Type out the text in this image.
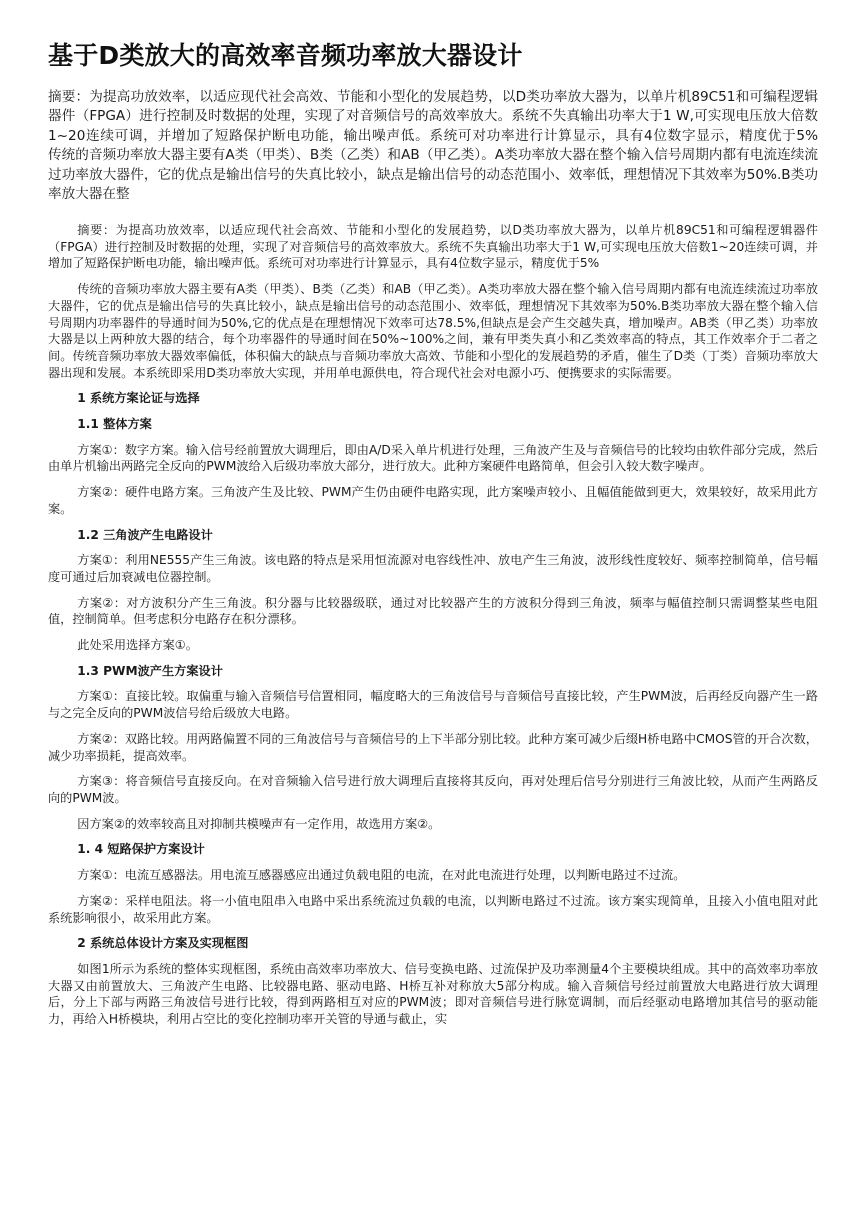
基于D类放大的高效率音频功率放大器设计
摘要：为提高功放效率，以适应现代社会高效、节能和小型化的发展趋势，以D类功率放大器为，以单片机89C51和可编程逻辑器件（FPGA）进行控制及时数据的处理，实现了对音频信号的高效率放大。系统不失真输出功率大于1 W,可实现电压放大倍数1~20连续可调，并增加了短路保护断电功能，输出噪声低。系统可对功率进行计算显示，具有4位数字显示，精度优于5%　　传统的音频功率放大器主要有A类（甲类）、B类（乙类）和AB（甲乙类）。A类功率放大器在整个输入信号周期内都有电流连续流过功率放大器件，它的优点是输出信号的失真比较小，缺点是输出信号的动态范围小、效率低，理想情况下其效率为50%.B类功率放大器在整

摘要：为提高功放效率，以适应现代社会高效、节能和小型化的发展趋势，以D类功率放大器为，以单片机89C51和可编程逻辑器件（FPGA）进行控制及时数据的处理，实现了对音频信号的高效率放大。系统不失真输出功率大于1 W,可实现电压放大倍数1~20连续可调，并增加了短路保护断电功能，输出噪声低。系统可对功率进行计算显示，具有4位数字显示，精度优于5%

传统的音频功率放大器主要有A类（甲类）、B类（乙类）和AB（甲乙类）。A类功率放大器在整个输入信号周期内都有电流连续流过功率放大器件，它的优点是输出信号的失真比较小，缺点是输出信号的动态范围小、效率低，理想情况下其效率为50%.B类功率放大器在整个输入信号周期内功率器件的导通时间为50%,它的优点是在理想情况下效率可达78.5%,但缺点是会产生交越失真，增加噪声。AB类（甲乙类）功率放大器是以上两种放大器的结合，每个功率器件的导通时间在50%~100%之间，兼有甲类失真小和乙类效率高的特点，其工作效率介于二者之间。传统音频功率放大器效率偏低，体积偏大的缺点与音频功率放大高效、节能和小型化的发展趋势的矛盾，催生了D类（丁类）音频功率放大器出现和发展。本系统即采用D类功率放大实现，并用单电源供电，符合现代社会对电源小巧、便携要求的实际需要。

1 系统方案论证与选择

1.1 整体方案

方案①：数字方案。输入信号经前置放大调理后，即由A/D采入单片机进行处理，三角波产生及与音频信号的比较均由软件部分完成，然后由单片机输出两路完全反向的PWM波给入后级功率放大部分，进行放大。此种方案硬件电路简单，但会引入较大数字噪声。

方案②：硬件电路方案。三角波产生及比较、PWM产生仍由硬件电路实现，此方案噪声较小、且幅值能做到更大，效果较好，故采用此方案。

1.2 三角波产生电路设计

方案①：利用NE555产生三角波。该电路的特点是采用恒流源对电容线性冲、放电产生三角波，波形线性度较好、频率控制简单，信号幅度可通过后加衰减电位器控制。

方案②：对方波积分产生三角波。积分器与比较器级联，通过对比较器产生的方波积分得到三角波，频率与幅值控制只需调整某些电阻值，控制简单。但考虑积分电路存在积分漂移。

此处采用选择方案①。

1.3 PWM波产生方案设计

方案①：直接比较。取偏重与输入音频信号信置相同，幅度略大的三角波信号与音频信号直接比较，产生PWM波，后再经反向器产生一路与之完全反向的PWM波信号给后级放大电路。

方案②：双路比较。用两路偏置不同的三角波信号与音频信号的上下半部分别比较。此种方案可减少后缀H桥电路中CMOS管的开合次数，减少功率损耗，提高效率。

方案③：将音频信号直接反向。在对音频输入信号进行放大调理后直接将其反向，再对处理后信号分别进行三角波比较，从而产生两路反向的PWM波。

因方案②的效率较高且对抑制共模噪声有一定作用，故选用方案②。

1. 4 短路保护方案设计

方案①：电流互感器法。用电流互感器感应出通过负载电阻的电流，在对此电流进行处理，以判断电路过不过流。

方案②：采样电阻法。将一小值电阻串入电路中采出系统流过负载的电流，以判断电路过不过流。该方案实现简单，且接入小值电阻对此系统影响很小，故采用此方案。

2 系统总体设计方案及实现框图

如图1所示为系统的整体实现框图，系统由高效率功率放大、信号变换电路、过流保护及功率测量4个主要模块组成。其中的高效率功率放大器又由前置放大、三角波产生电路、比较器电路、驱动电路、H桥互补对称放大5部分构成。输入音频信号经过前置放大电路进行放大调理后，分上下部与两路三角波信号进行比较，得到两路相互对应的PWM波；即对音频信号进行脉宽调制，而后经驱动电路增加其信号的驱动能力，再给入H桥模块，利用占空比的变化控制功率开关管的导通与截止，实
